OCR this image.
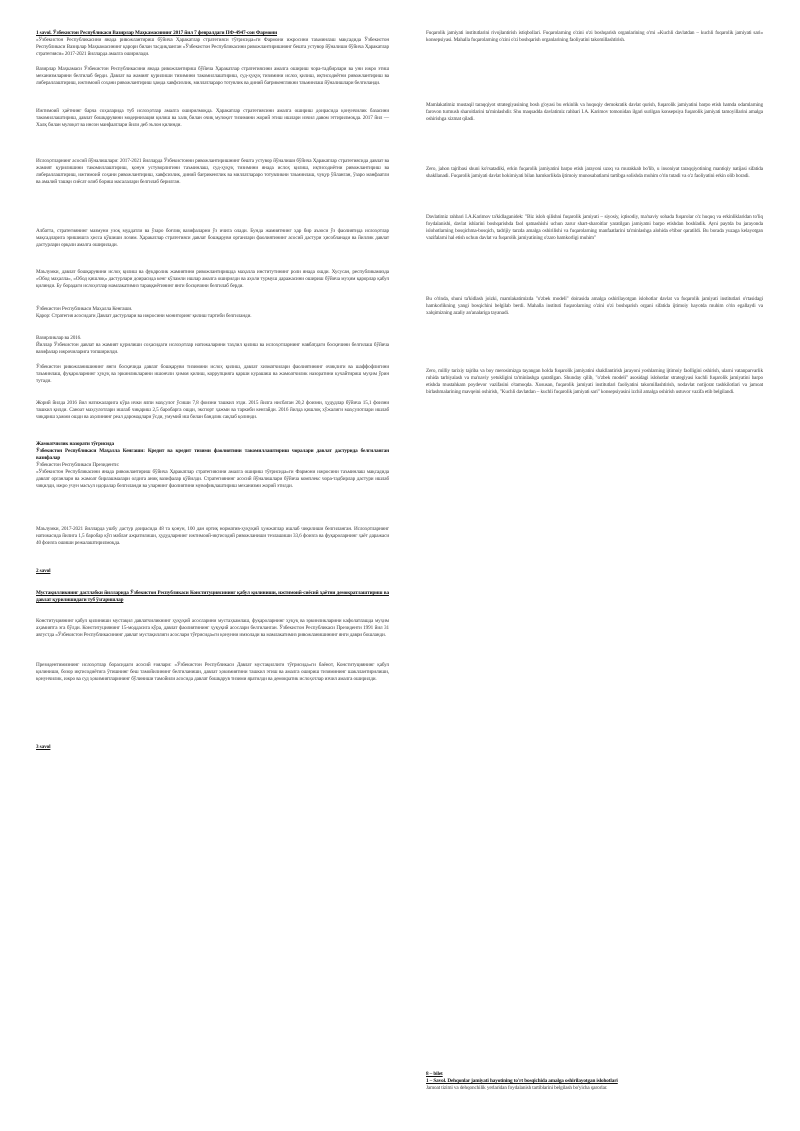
1 savol. Ўзбекистон Республикаси Вазирлар Маҳкамасининг 2017 йил 7 февралдаги ПФ-4947-сон Фармони

«Ўзбекистон Республикасини янада ривожлантириш бўйича Ҳаракатлар стратегияси тўғрисида»ги Фармони ижросини таъминлаш мақсадида Ўзбекистон Республикаси Вазирлар Маҳкамасининг қарори билан тасдиқланган «Ўзбекистон Республикасини ривожлантиришнинг бешта устувор йўналиши бўйича Ҳаракатлар стратегияси» 2017-2021 йилларда амалга оширилади.

Вазирлар Маҳкамаси Ўзбекистон Республикасини янада ривожлантириш бўйича Ҳаракатлар стратегиясини амалга ошириш чора-тадбирлари ва уни ижро этиш механизмларини белгилаб берди. Давлат ва жамият қурилиши тизимини такомиллаштириш, суд-ҳуқуқ тизимини ислоҳ қилиш, иқтисодиётни ривожлантириш ва либераллаштириш, ижтимоий соҳани ривожлантириш ҳамда хавфсизлик, миллатлараро тотувлик ва диний бағрикенгликни таъминлаш йўналишлари белгиланди.

Ижтимоий ҳаётнинг барча соҳаларида туб ислоҳотлар амалга оширилмоқда. Ҳаракатлар стратегиясини амалга ошириш доирасида қонунчилик базасини такомиллаштириш, давлат бошқарувини модернизация қилиш ва халқ билан очиқ мулоқот тизимини жорий этиш ишлари изчил давом эттирилмоқда. 2017 йил — Халқ билан мулоқот ва инсон манфаатлари йили деб эълон қилинди.

Ислоҳотларнинг асосий йўналишлари: 2017-2021 йилларда Ўзбекистонни ривожлантиришнинг бешта устувор йўналиши бўйича Ҳаракатлар стратегиясида давлат ва жамият қурилишини такомиллаштириш, қонун устуворлигини таъминлаш, суд-ҳуқуқ тизимини янада ислоҳ қилиш, иқтисодиётни ривожлантириш ва либераллаштириш, ижтимоий соҳани ривожлантириш, хавфсизлик, диний бағрикенглик ва миллатлараро тотувликни таъминлаш, чуқур ўйланган, ўзаро манфаатли ва амалий ташқи сиёсат олиб бориш масалалари белгилаб берилган.

Албатта, стратегиянинг мазмуни узоқ муддатли ва ўзаро боғлиқ вазифаларни ўз ичига олади. Бунда жамиятнинг ҳар бир аъзоси ўз фаолиятида ислоҳотлар мақсадларига эришишга ҳисса қўшиши лозим. Ҳаракатлар стратегияси давлат бошқаруви органлари фаолиятининг асосий дастури ҳисобланади ва йиллик давлат дастурлари орқали амалга оширилади.

Маълумки, давлат бошқарувини ислоҳ қилиш ва фуқаролик жамиятини ривожлантиришда маҳалла институтининг роли янада ошди. Хусусан, республикамизда «Обод маҳалла», «Обод қишлоқ» дастурлари доирасида кенг кўламли ишлар амалга оширилди ва аҳоли турмуш даражасини ошириш бўйича муҳим қарорлар қабул қилинди. Бу борадаги ислоҳотлар мамлакатимиз тараққиётининг янги босқичини белгилаб берди.

Ўзбекистон Республикаси Маҳалла Кенгаши.

Қарор: Стратегия асосидаги Давлат дастурлари ва ижросини мониторинг қилиш тартиби белгиланди.

Вазирликлар ва 2016.

Йиллар Ўзбекистон давлат ва жамият қурилиши соҳасидаги ислоҳотлар натижаларини таҳлил қилиш ва ислоҳотларнинг навбатдаги босқичини белгилаш бўйича вазифалар ижрочиларига топширилди.

Ўзбекистон ривожланишининг янги босқичида давлат бошқаруви тизимини ислоҳ қилиш, давлат хизматчилари фаолиятининг очиқлиги ва шаффофлигини таъминлаш, фуқароларнинг ҳуқуқ ва эркинликларини ишончли ҳимоя қилиш, коррупцияга қарши курашиш ва жамоатчилик назоратини кучайтириш муҳим ўрин тутади.

Жорий йилда 2016 йил натижаларига кўра ички ялпи маҳсулот ўсиши 7,8 фоизни ташкил этди. 2015 йилга нисбатан 20,2 фоизни, ҳудудлар бўйича 15,1 фоизни ташкил қилди. Саноат маҳсулотлари ишлаб чиқариш 2,5 баробарга ошди, экспорт ҳажми ва таркиби кенгайди. 2016 йилда қишлоқ хўжалиги маҳсулотлари ишлаб чиқариш ҳажми ошди ва аҳолининг реал даромадлари ўсди, умумий иш билан бандлик сақлаб қолинди.

Жамоатчилик назорати тўғрисида

Ўзбекистон Республикаси Маҳалла Кенгаши: Кредит ва кредит тизими фаолиятини такомиллаштириш чоралари давлат дастурида белгиланган вазифалар

Ўзбекистон Республикаси Президенти:

«Ўзбекистон Республикасини янада ривожлантириш бўйича Ҳаракатлар стратегиясини амалга ошириш тўғрисида»ги Фармони ижросини таъминлаш мақсадида давлат органлари ва жамоат бирлашмалари олдига аниқ вазифалар қўйилди. Стратегиянинг асосий йўналишлари бўйича комплекс чора-тадбирлар дастури ишлаб чиқилди, ижро учун масъул идоралар белгиланди ва уларнинг фаолиятини мувофиқлаштириш механизми жорий этилди.

Маълумки, 2017-2021 йилларда ушбу дастур доирасида 48 та қонун, 100 дан ортиқ норматив-ҳуқуқий ҳужжатлар ишлаб чиқилиши белгиланган. Ислоҳотларнинг натижасида йилига 1,5 баробар кўп маблағ ажратилиши, ҳудудларнинг ижтимоий-иқтисодий ривожланиши тезлашиши 33,6 фоизга ва фуқароларнинг ҳаёт даражаси 40 фоизга ошиши режалаштирилмоқда.

2 savol

Мустақилликнинг дастлабки йилларида Ўзбекистон Республикаси Конституциясининг қабул қилиниши, ижтимоий-сиёсий ҳаётни демократлаштириш ва давлат қурилишидаги туб ўзгаришлар

Конституциянинг қабул қилиниши мустақил давлатчиликнинг ҳуқуқий асосларини мустаҳкамлаш, фуқароларнинг ҳуқуқ ва эркинликларини кафолатлашда муҳим аҳамиятга эга бўлди. Конституциянинг 15-моддасига кўра, давлат фаолиятининг ҳуқуқий асослари белгиланган. Ўзбекистон Республикаси Президенти 1991 йил 31 августда «Ўзбекистон Республикасининг давлат мустақиллиги асослари тўғрисида»ги қонунни имзолади ва мамлакатимиз ривожланишининг янги даври бошланди.

Президентимизнинг ислоҳотлар борасидаги асосий ғоялари: «Ўзбекистон Республикаси Давлат мустақиллиги тўғрисида»ги баёнот, Конституциянинг қабул қилиниши, бозор иқтисодиётига ўтишнинг беш тамойилининг белгиланиши, давлат ҳокимиятини ташкил этиш ва амалга ошириш тизимининг шакллантирилиши, қонунчилик, ижро ва суд ҳокимиятларининг бўлиниши тамойили асосида давлат бошқарув тизими яратилди ва демократик ислоҳотлар изчил амалга оширилди.

3 savol

Fuqarolik jamiyati institutlarini rivojlantirish istiqbollari. Fuqarolarning o'zini o'zi boshqarish organlarining o'rni «Kuchli davlatdan – kuchli fuqarolik jamiyati sari» konsepsiyasi. Mahalla fuqarolarning o'zini o'zi boshqarish organlarining faoliyatini takomillashtirish.

Mamlakatimiz mustaqil taraqqiyot strategiyasining bosh g'oyasi bu erkinlik va huquqiy demokratik davlat qurish, fuqarolik jamiyatini barpo etish hamda odamlarning farovon turmush sharoitlarini ta'minlashdir. Shu maqsadda davlatimiz rahbari I.A. Karimov tomonidan ilgari surilgan konsepsiya fuqarolik jamiyati tamoyillarini amalga oshirishga xizmat qiladi.

Zero, jahon tajribasi shuni ko'rsatadiki, erkin fuqarolik jamiyatini barpo etish jarayoni uzoq va murakkab bo'lib, u insoniyat taraqqiyotining mantiqiy natijasi sifatida shakllanadi. Fuqarolik jamiyati davlat hokimiyati bilan hamkorlikda ijtimoiy munosabatlarni tartibga solishda muhim o'rin tutadi va o'z faoliyatini erkin olib boradi.

Davlatimiz rahbari I.A.Karimov ta'kidlaganidek: "Biz isloh qilishni fuqarolik jamiyati – siyosiy, iqtisodiy, ma'naviy sohada fuqarolar o'z huquq va erkinliklaridan to'liq foydalanishi, davlat ishlarini boshqarishda faol qatnashishi uchun zarur shart-sharoitlar yaratilgan jamiyatni barpo etishdan boshladik. Ayni paytda bu jarayonda islohotlarning bosqichma-bosqich, tadrijiy tarzda amalga oshirilishi va fuqarolarning manfaatlarini ta'minlashga alohida e'tibor qaratildi. Bu borada yuzaga kelayotgan vazifalarni hal etish uchun davlat va fuqarolik jamiyatining o'zaro hamkorligi muhim"

Bu o'rinda, shuni ta'kidlash joizki, mamlakatimizda "o'zbek modeli" doirasida amalga oshirilayotgan islohotlar davlat va fuqarolik jamiyati institutlari o'rtasidagi hamkorlikning yangi bosqichini belgilab berdi. Mahalla instituti fuqarolarning o'zini o'zi boshqarish organi sifatida ijtimoiy hayotda muhim o'rin egallaydi va xalqimizning azaliy an'analariga tayanadi.

Zero, milliy tarixiy tajriba va boy merosimizga tayangan holda fuqarolik jamiyatini shakllantirish jarayoni yoshlarning ijtimoiy faolligini oshirish, ularni vatanparvarlik ruhida tarbiyalash va ma'naviy yetukligini ta'minlashga qaratilgan. Shunday qilib, "o'zbek modeli" asosidagi islohotlar strategiyasi kuchli fuqarolik jamiyatini barpo etishda mustahkam poydevor vazifasini o'tamoqda. Xususan, fuqarolik jamiyati institutlari faoliyatini takomillashtirish, nodavlat notijorat tashkilotlari va jamoat birlashmalarining mavqeini oshirish, "Kuchli davlatdan – kuchli fuqarolik jamiyati sari" konsepsiyasini izchil amalga oshirish ustuvor vazifa etib belgilandi.

8 – bilet

1 – Savol. Dehqonlar jamiyati hayotining to'rt bosqichida amalga oshirilayotgan islohotlari

Jamoat tizimi va dehqonchilik yerlaridan foydalanish tartiblarini belgilash bo'yicha qarorlar.
